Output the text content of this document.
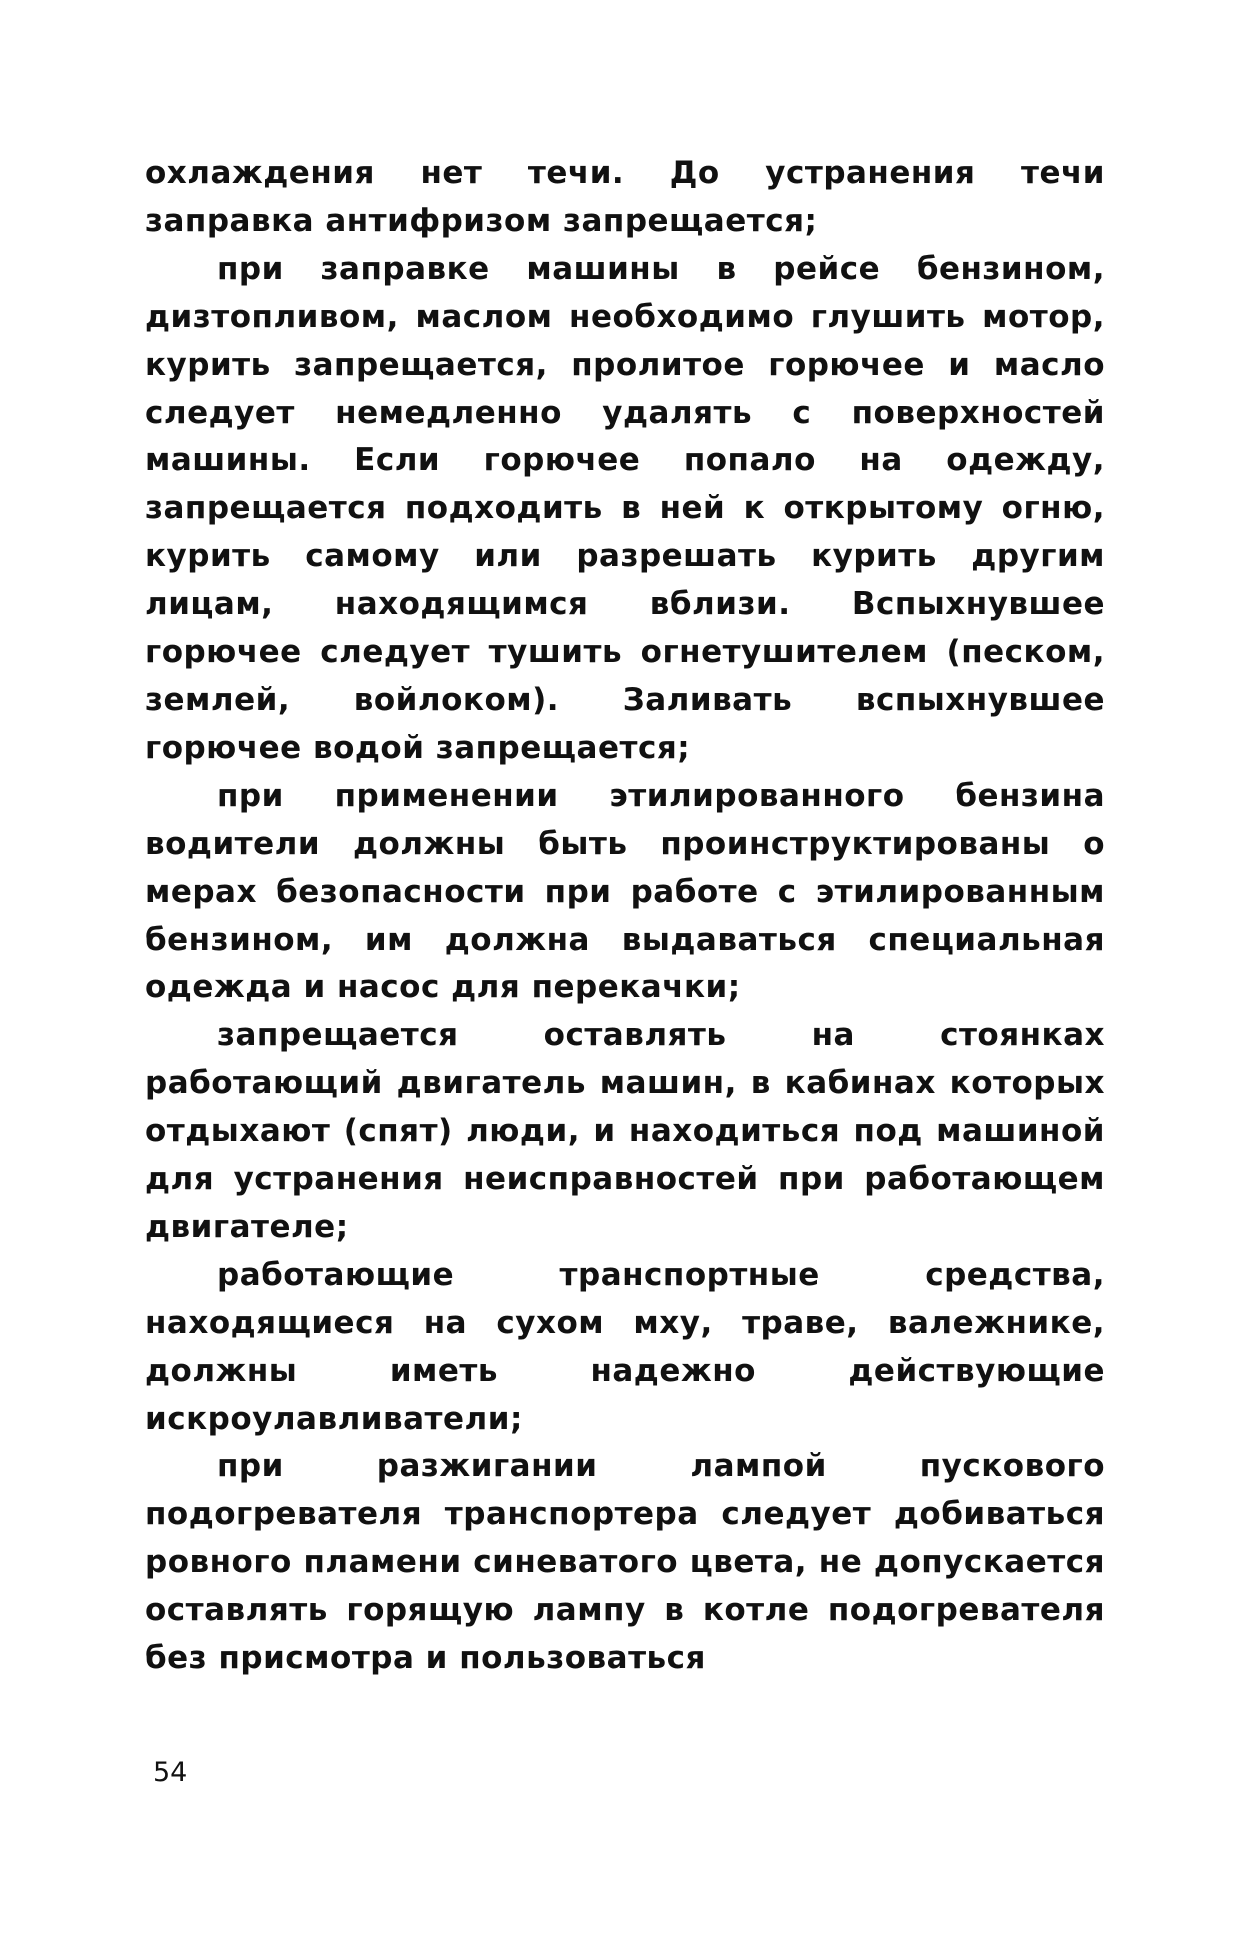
охлаждения нет течи. До устранения течи заправка антифризом запрещается;

при заправке машины в рейсе бензином, дизтопливом, маслом необходимо глушить мотор, курить запрещается, пролитое горючее и масло следует немедленно удалять с поверхностей машины. Если горючее попало на одежду, запрещается подходить в ней к открытому огню, курить самому или разрешать курить другим лицам, находящимся вблизи. Вспыхнувшее горючее следует тушить огнетушителем (песком, землей, войлоком). Заливать вспыхнувшее горючее водой запрещается;

при применении этилированного бензина водители должны быть проинструктированы о мерах безопасности при работе с этилированным бензином, им должна выдаваться специальная одежда и насос для перекачки;

запрещается оставлять на стоянках работающий двигатель машин, в кабинах которых отдыхают (спят) люди, и находиться под машиной для устранения неисправностей при работающем двигателе;

работающие транспортные средства, находящиеся на сухом мху, траве, валежнике, должны иметь надежно действующие искроулавливатели;

при разжигании лампой пускового подогревателя транспортера следует добиваться ровного пламени синеватого цвета, не допускается оставлять горящую лампу в котле подогревателя без присмотра и пользоваться

54
